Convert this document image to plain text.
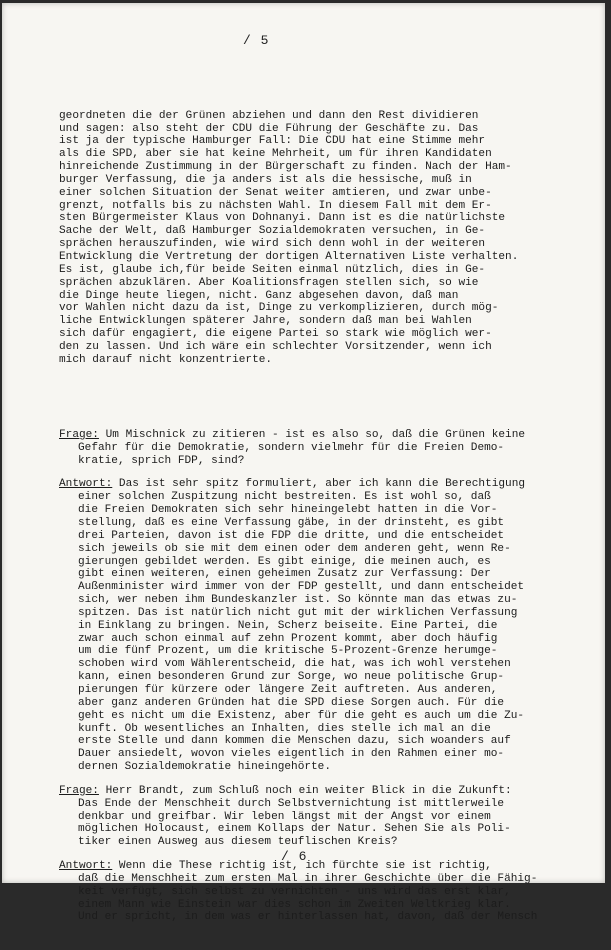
/ 5

geordneten die der Grünen abziehen und dann den Rest dividieren
und sagen: also steht der CDU die Führung der Geschäfte zu. Das
ist ja der typische Hamburger Fall: Die CDU hat eine Stimme mehr
als die SPD, aber sie hat keine Mehrheit, um für ihren Kandidaten
hinreichende Zustimmung in der Bürgerschaft zu finden. Nach der Ham-
burger Verfassung, die ja anders ist als die hessische, muß in
einer solchen Situation der Senat weiter amtieren, und zwar unbe-
grenzt, notfalls bis zu nächsten Wahl. In diesem Fall mit dem Er-
sten Bürgermeister Klaus von Dohnanyi. Dann ist es die natürlichste
Sache der Welt, daß Hamburger Sozialdemokraten versuchen, in Ge-
sprächen herauszufinden, wie wird sich denn wohl in der weiteren
Entwicklung die Vertretung der dortigen Alternativen Liste verhalten.
Es ist, glaube ich,für beide Seiten einmal nützlich, dies in Ge-
sprächen abzuklären. Aber Koalitionsfragen stellen sich, so wie
die Dinge heute liegen, nicht. Ganz abgesehen davon, daß man
vor Wahlen nicht dazu da ist, Dinge zu verkomplizieren, durch mög-
liche Entwicklungen späterer Jahre, sondern daß man bei Wahlen
sich dafür engagiert, die eigene Partei so stark wie möglich wer-
den zu lassen. Und ich wäre ein schlechter Vorsitzender, wenn ich
mich darauf nicht konzentrierte.

Frage: Um Mischnick zu zitieren - ist es also so, daß die Grünen keine
Gefahr für die Demokratie, sondern vielmehr für die Freien Demo-
kratie, sprich FDP, sind?
Antwort: Das ist sehr spitz formuliert, aber ich kann die Berechtigung
einer solchen Zuspitzung nicht bestreiten. Es ist wohl so, daß
die Freien Demokraten sich sehr hineingelebt hatten in die Vor-
stellung, daß es eine Verfassung gäbe, in der drinsteht, es gibt
drei Parteien, davon ist die FDP die dritte, und die entscheidet
sich jeweils ob sie mit dem einen oder dem anderen geht, wenn Re-
gierungen gebildet werden. Es gibt einige, die meinen auch, es
gibt einen weiteren, einen geheimen Zusatz zur Verfassung: Der
Außenminister wird immer von der FDP gestellt, und dann entscheidet
sich, wer neben ihm Bundeskanzler ist. So könnte man das etwas zu-
spitzen. Das ist natürlich nicht gut mit der wirklichen Verfassung
in Einklang zu bringen. Nein, Scherz beiseite. Eine Partei, die
zwar auch schon einmal auf zehn Prozent kommt, aber doch häufig
um die fünf Prozent, um die kritische 5-Prozent-Grenze herumge-
schoben wird vom Wählerentscheid, die hat, was ich wohl verstehen
kann, einen besonderen Grund zur Sorge, wo neue politische Grup-
pierungen für kürzere oder längere Zeit auftreten. Aus anderen,
aber ganz anderen Gründen hat die SPD diese Sorgen auch. Für die
geht es nicht um die Existenz, aber für die geht es auch um die Zu-
kunft. Ob wesentliches an Inhalten, dies stelle ich mal an die
erste Stelle und dann kommen die Menschen dazu, sich woanders auf
Dauer ansiedelt, wovon vieles eigentlich in den Rahmen einer mo-
dernen Sozialdemokratie hineingehörte.
Frage: Herr Brandt, zum Schluß noch ein weiter Blick in die Zukunft:
Das Ende der Menschheit durch Selbstvernichtung ist mittlerweile
denkbar und greifbar. Wir leben längst mit der Angst vor einem
möglichen Holocaust, einem Kollaps der Natur. Sehen Sie als Poli-
tiker einen Ausweg aus diesem teuflischen Kreis?
Antwort: Wenn die These richtig ist, ich fürchte sie ist richtig,
daß die Menschheit zum ersten Mal in ihrer Geschichte über die Fähig-
keit verfügt, sich selbst zu vernichten - uns wird das erst klar,
einem Mann wie Einstein war dies schon im Zweiten Weltkrieg klar.
Und er spricht, in dem was er hinterlassen hat, davon, daß der Mensch

/ 6
